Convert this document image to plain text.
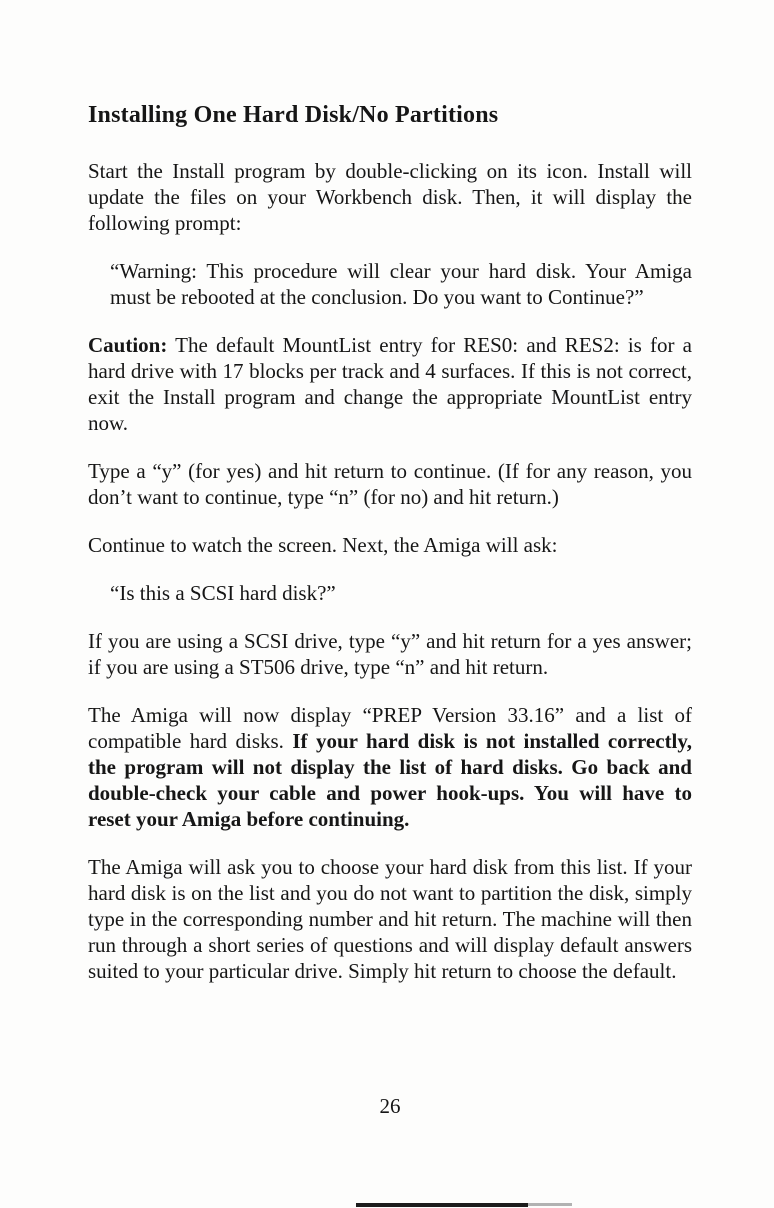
Installing One Hard Disk/No Partitions

Start the Install program by double-clicking on its icon. Install will update the files on your Workbench disk. Then, it will display the following prompt:

“Warning: This procedure will clear your hard disk. Your Amiga must be rebooted at the conclusion. Do you want to Continue?”

Caution: The default MountList entry for RES0: and RES2: is for a hard drive with 17 blocks per track and 4 surfaces. If this is not correct, exit the Install program and change the appropriate MountList entry now.

Type a “y” (for yes) and hit return to continue. (If for any reason, you don’t want to continue, type “n” (for no) and hit return.)

Continue to watch the screen. Next, the Amiga will ask:

“Is this a SCSI hard disk?”

If you are using a SCSI drive, type “y” and hit return for a yes answer; if you are using a ST506 drive, type “n” and hit return.

The Amiga will now display “PREP Version 33.16” and a list of compatible hard disks. If your hard disk is not installed correctly, the program will not display the list of hard disks. Go back and double-check your cable and power hook-ups. You will have to reset your Amiga before continuing.

The Amiga will ask you to choose your hard disk from this list. If your hard disk is on the list and you do not want to partition the disk, simply type in the corresponding number and hit return. The machine will then run through a short series of questions and will display default answers suited to your particular drive. Simply hit return to choose the default.

26
